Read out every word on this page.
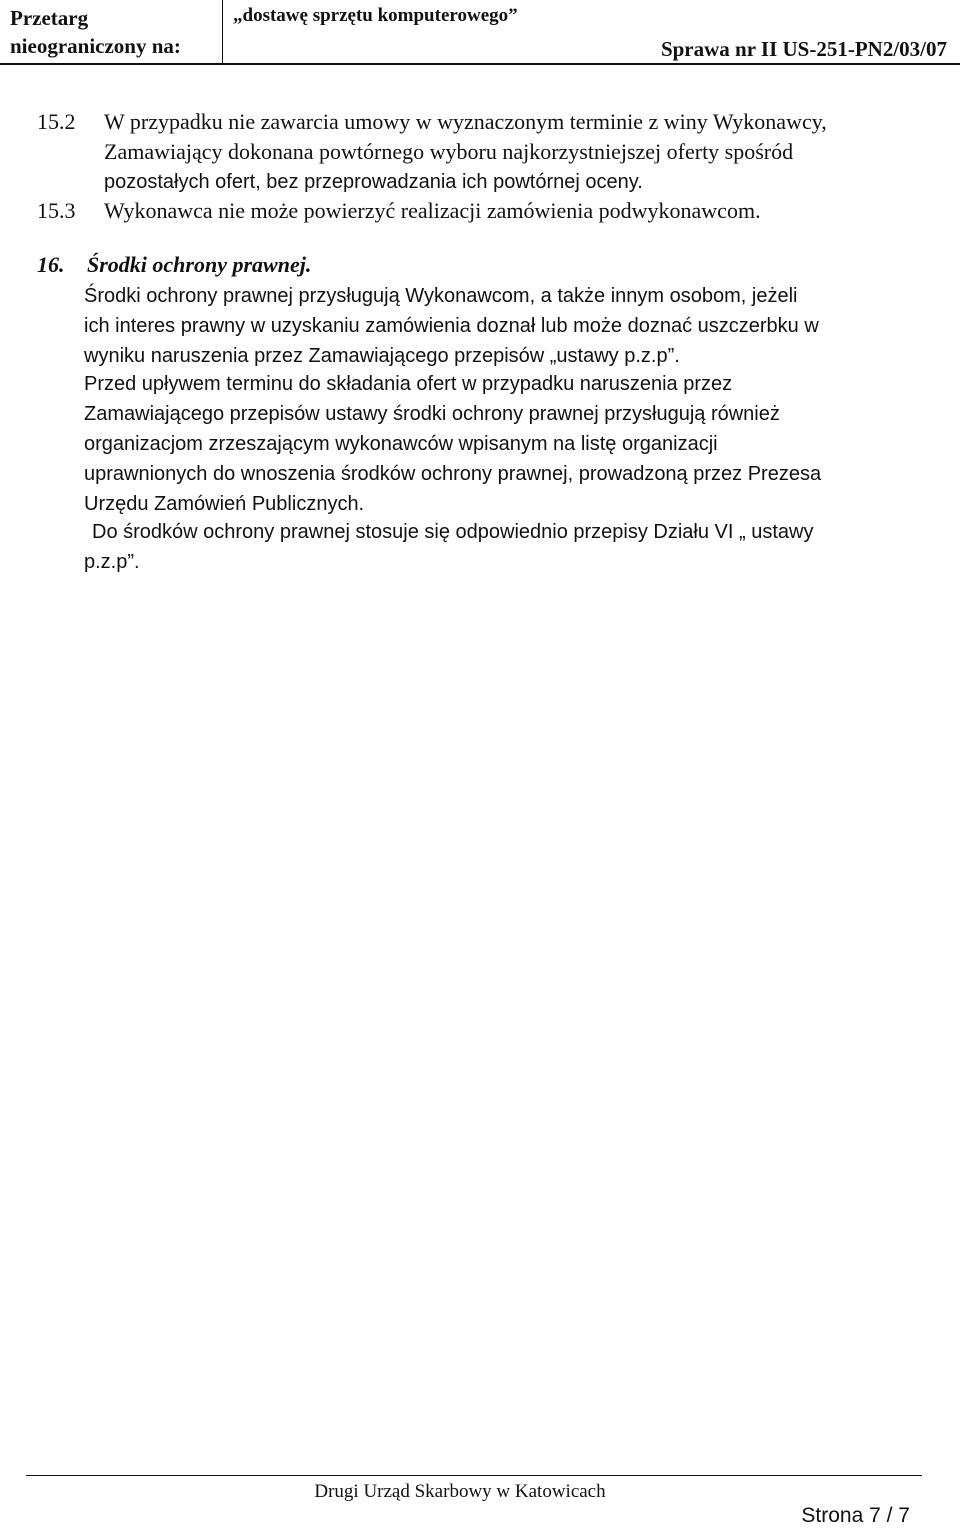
Przetarg
nieograniczony na:
„dostawę sprzętu komputerowego”
Sprawa nr II US-251-PN2/03/07
15.2 W przypadku nie zawarcia umowy w wyznaczonym terminie z winy Wykonawcy,
Zamawiający dokonana powtórnego wyboru najkorzystniejszej oferty spośród
pozostałych ofert, bez przeprowadzania ich powtórnej oceny.
15.3 Wykonawca nie może powierzyć realizacji zamówienia podwykonawcom.
16. Środki ochrony prawnej.
Środki ochrony prawnej przysługują Wykonawcom, a także innym osobom, jeżeli
ich interes prawny w uzyskaniu zamówienia doznał lub może doznać uszczerbku w
wyniku naruszenia przez Zamawiającego przepisów „ustawy p.z.p”.
Przed upływem terminu do składania ofert w przypadku naruszenia przez
Zamawiającego przepisów ustawy środki ochrony prawnej przysługują również
organizacjom zrzeszającym wykonawców wpisanym na listę organizacji
uprawnionych do wnoszenia środków ochrony prawnej, prowadzoną przez Prezesa
Urzędu Zamówień Publicznych.
Do środków ochrony prawnej stosuje się odpowiednio przepisy Działu VI „ ustawy
p.z.p”.
Drugi Urząd Skarbowy w Katowicach
Strona 7 / 7
